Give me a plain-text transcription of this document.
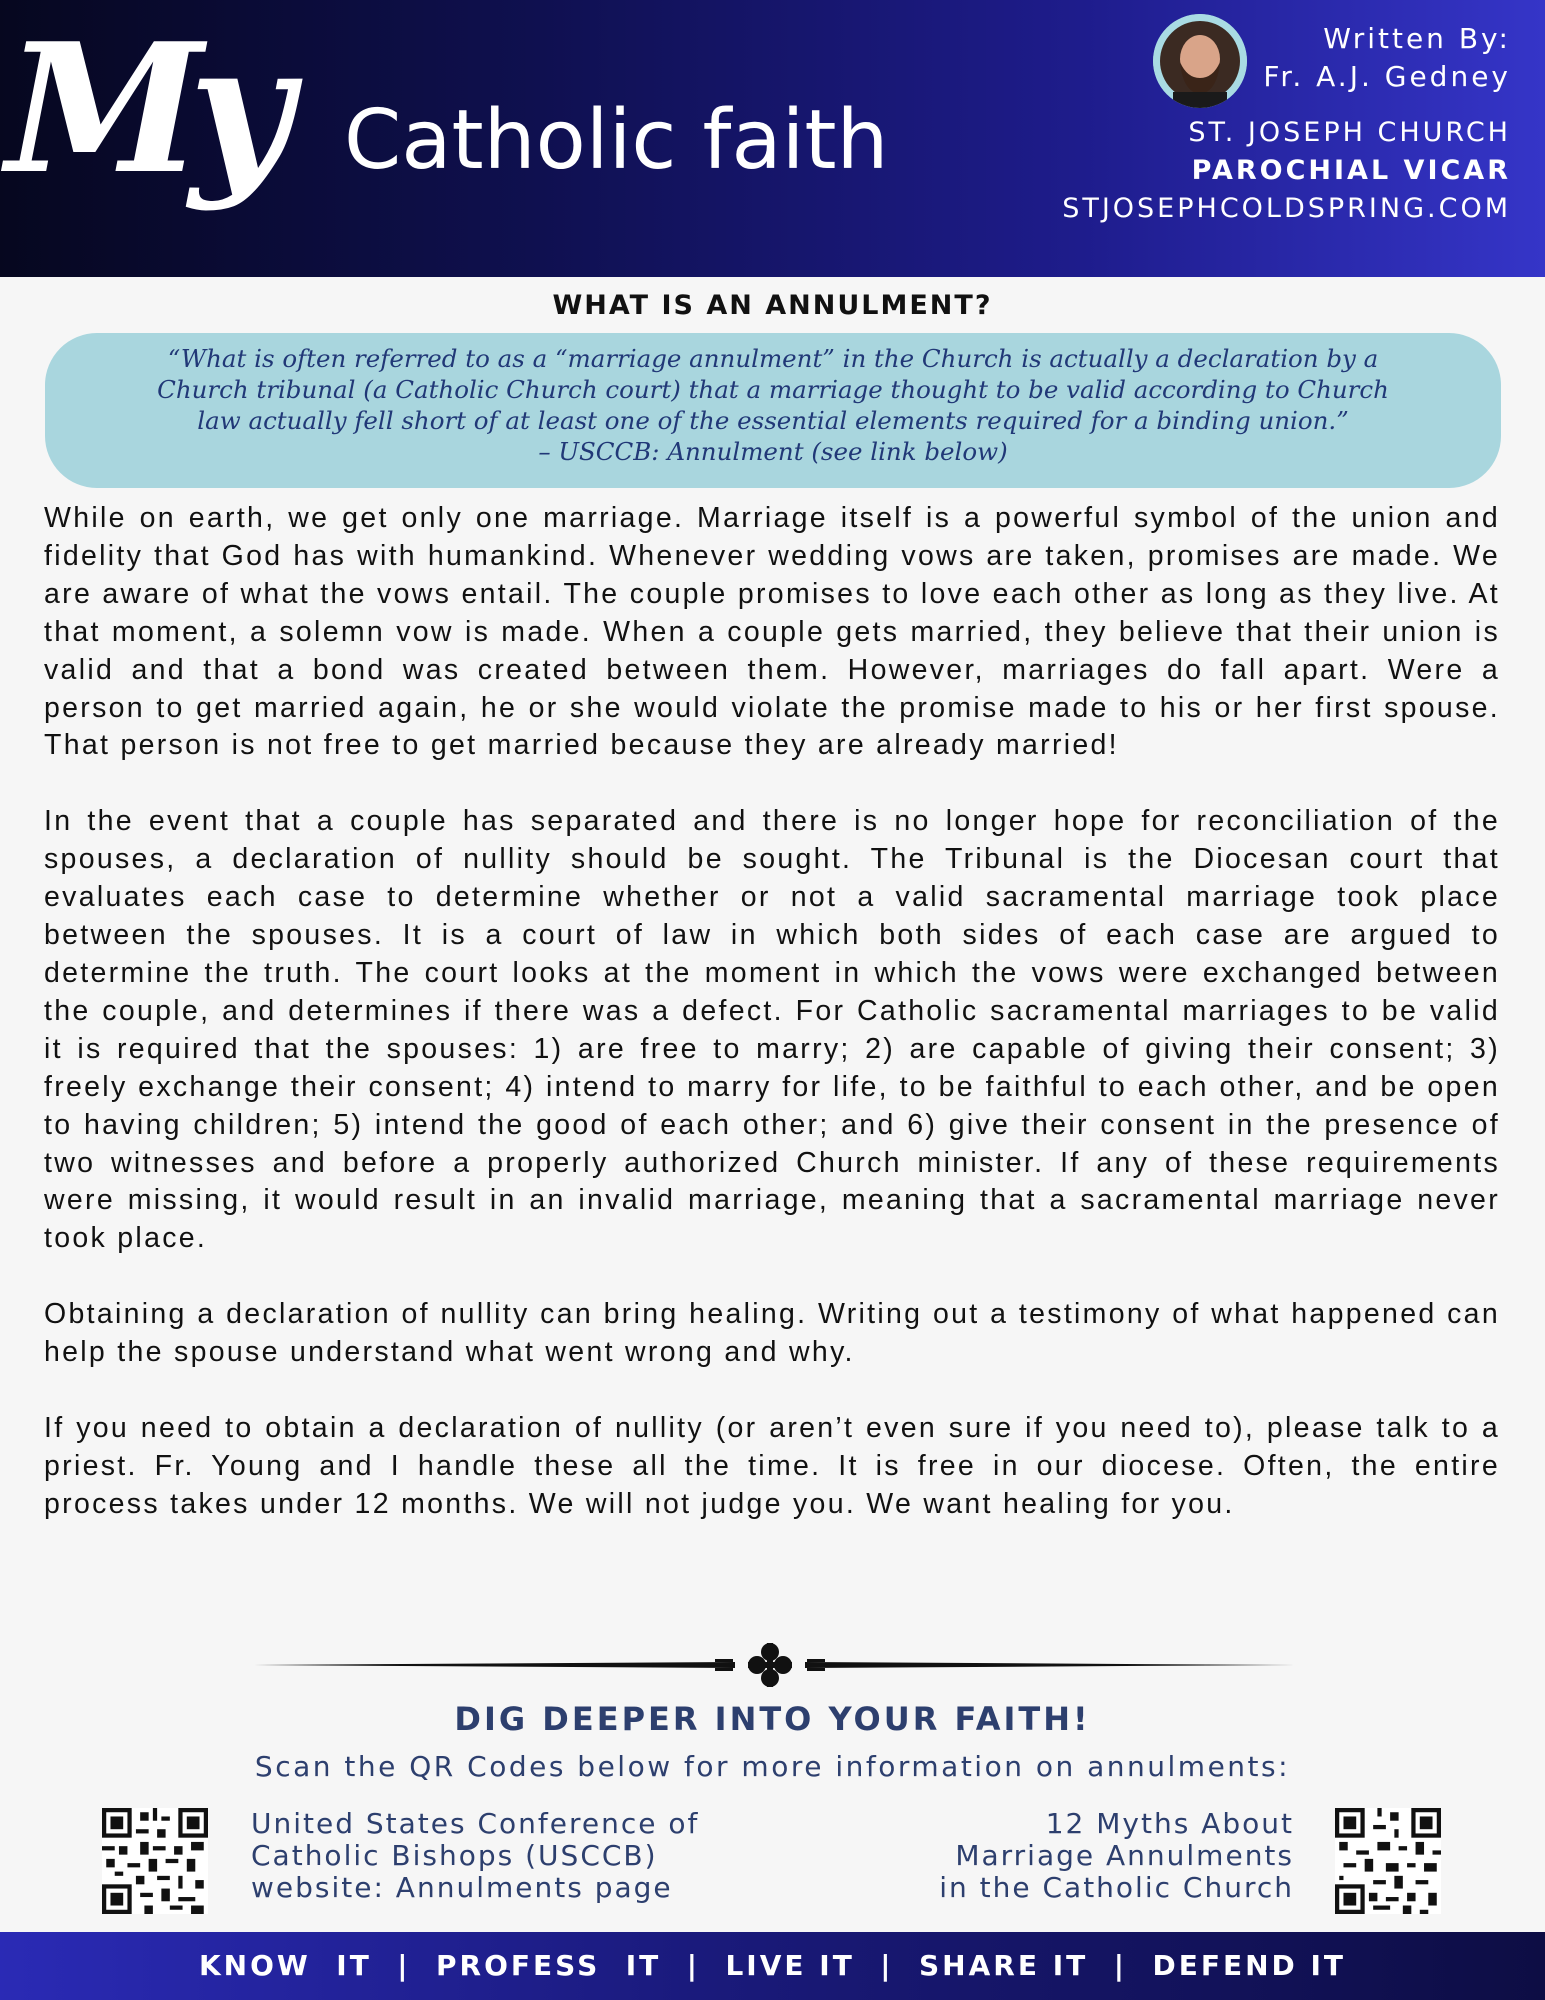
My Catholic faith
Written By:
Fr. A.J. Gedney
ST. JOSEPH CHURCH
PAROCHIAL VICAR
STJOSEPHCOLDSPRING.COM
WHAT IS AN ANNULMENT?
“What is often referred to as a “marriage annulment” in the Church is actually a declaration by a
Church tribunal (a Catholic Church court) that a marriage thought to be valid according to Church
law actually fell short of at least one of the essential elements required for a binding union.”
– USCCB: Annulment (see link below)

While on earth, we get only one marriage. Marriage itself is a powerful symbol of the union and fidelity that God has with humankind. Whenever wedding vows are taken, promises are made. We are aware of what the vows entail. The couple promises to love each other as long as they live. At that moment, a solemn vow is made. When a couple gets married, they believe that their union is valid and that a bond was created between them. However, marriages do fall apart. Were a person to get married again, he or she would violate the promise made to his or her first spouse. That person is not free to get married because they are already married!

In the event that a couple has separated and there is no longer hope for reconciliation of the spouses, a declaration of nullity should be sought. The Tribunal is the Diocesan court that evaluates each case to determine whether or not a valid sacramental marriage took place between the spouses. It is a court of law in which both sides of each case are argued to determine the truth. The court looks at the moment in which the vows were exchanged between the couple, and determines if there was a defect. For Catholic sacramental marriages to be valid it is required that the spouses: 1) are free to marry; 2) are capable of giving their consent; 3) freely exchange their consent; 4) intend to marry for life, to be faithful to each other, and be open to having children; 5) intend the good of each other; and 6) give their consent in the presence of two witnesses and before a properly authorized Church minister. If any of these requirements were missing, it would result in an invalid marriage, meaning that a sacramental marriage never took place.

Obtaining a declaration of nullity can bring healing. Writing out a testimony of what happened can help the spouse understand what went wrong and why.

If you need to obtain a declaration of nullity (or aren’t even sure if you need to), please talk to a priest. Fr. Young and I handle these all the time. It is free in our diocese. Often, the entire process takes under 12 months. We will not judge you. We want healing for you.

DIG DEEPER INTO YOUR FAITH!
Scan the QR Codes below for more information on annulments:
United States Conference of
Catholic Bishops (USCCB)
website: Annulments page
12 Myths About
Marriage Annulments
in the Catholic Church
KNOW  IT  |  PROFESS  IT  |  LIVE IT  |  SHARE IT  |  DEFEND IT
